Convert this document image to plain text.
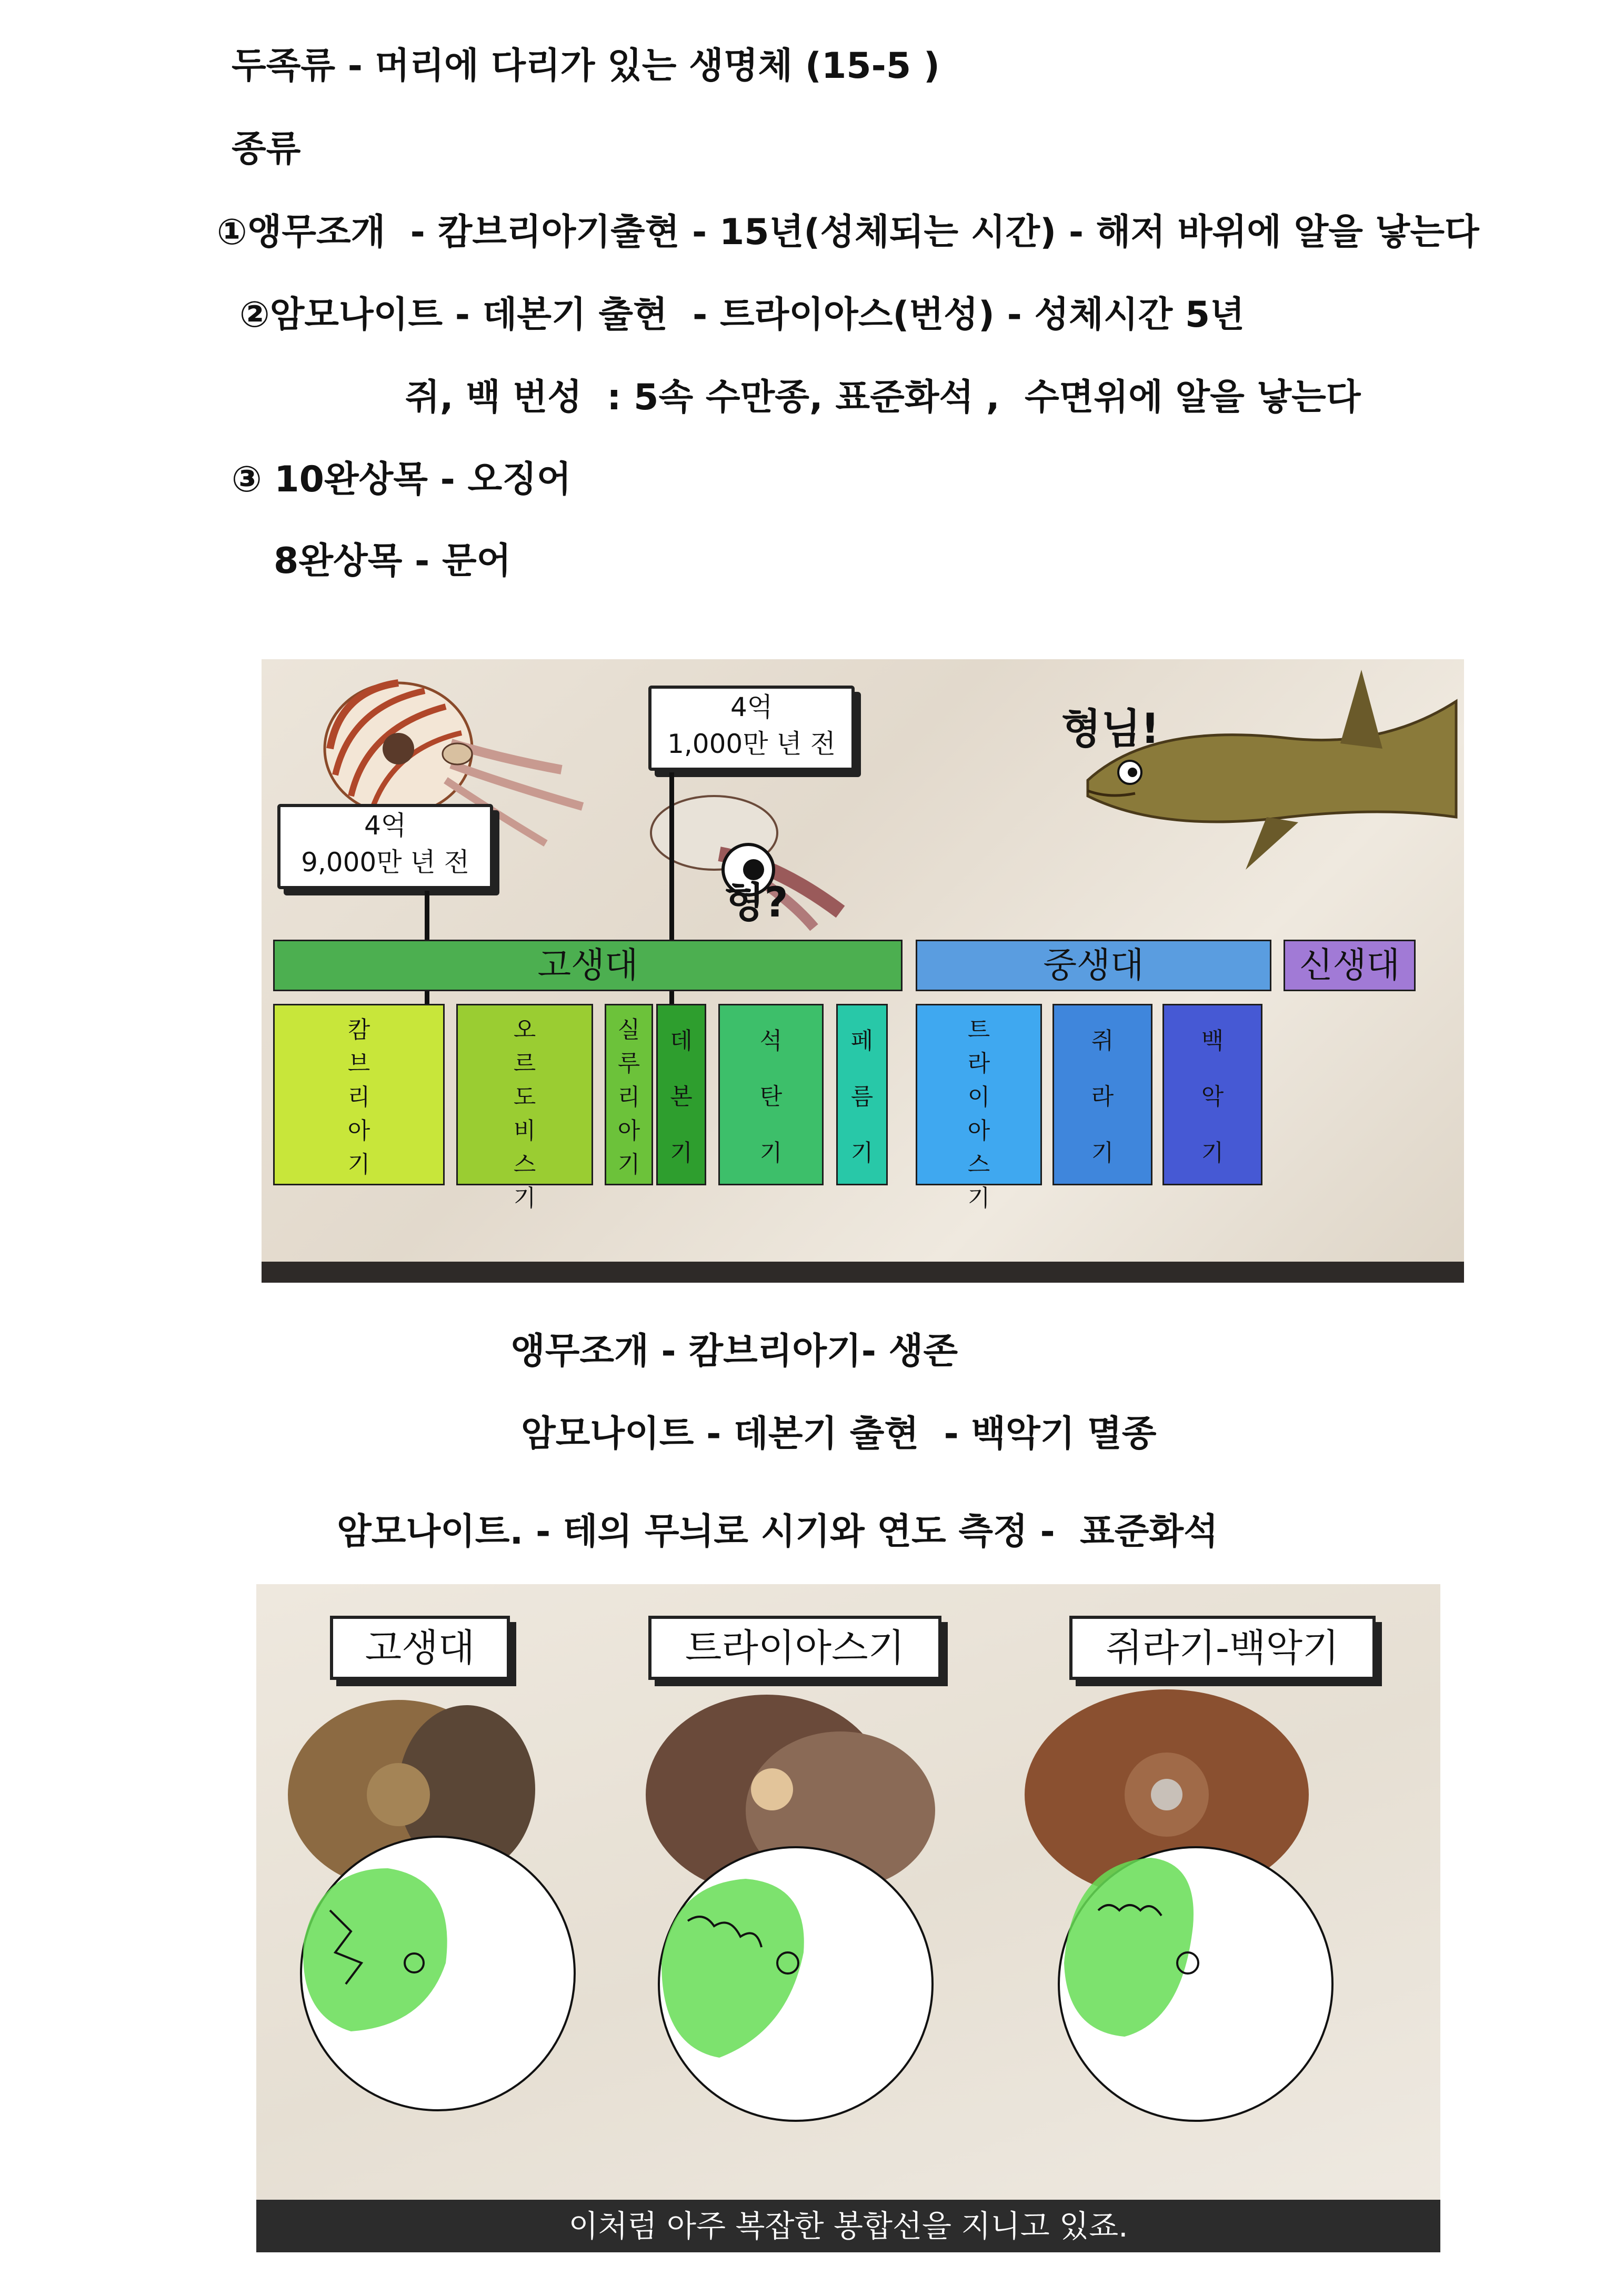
두족류 - 머리에 다리가 있는 생명체 (15-5 )
종류
①앵무조개  - 캄브리아기출현 - 15년(성체되는 시간) - 해저 바위에 알을 낳는다
②암모나이트 - 데본기 출현  - 트라이아스(번성) - 성체시간 5년
쥐, 백 번성  : 5속 수만종, 표준화석 ,  수면위에 알을 낳는다
③ 10완상목 - 오징어
8완상목 - 문어
4억
9,000만 년 전
4억
1,000만 년 전	형님!
형?
고생대	중생대	신생대
캄
브
리
아
기
오
르
도
비
스
기
실
루
리
아
기
데
본
기
석
탄
기
페
름
기
트
라
이
아
스
기
쥐
라
기
백
악
기
앵무조개 - 캄브리아기- 생존
암모나이트 - 데본기 출현  - 백악기 멸종
암모나이트. - 테의 무늬로 시기와 연도 측정 -  표준화석
고생대	트라이아스기	쥐라기-백악기
이처럼 아주 복잡한 봉합선을 지니고 있죠.
